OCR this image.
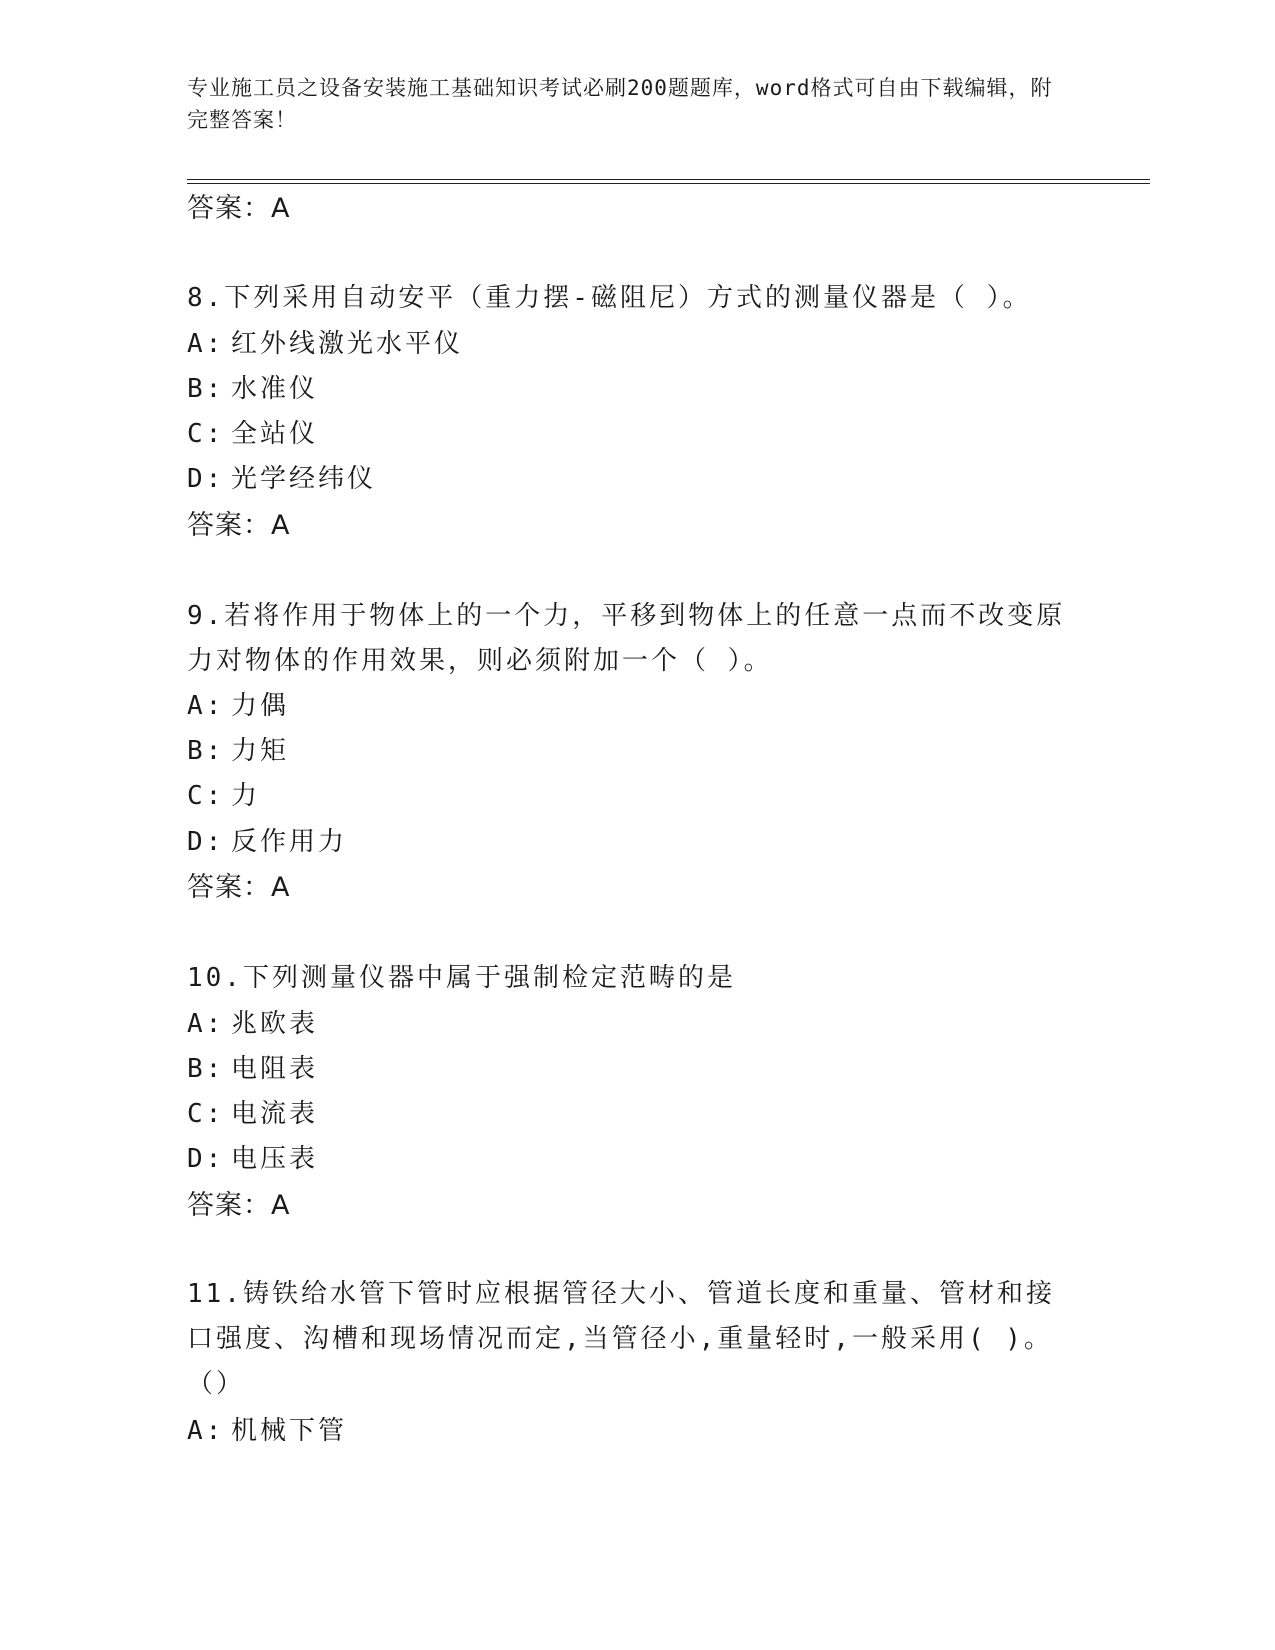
专业施工员之设备安装施工基础知识考试必刷200题题库，word格式可自由下载编辑，附完整答案！
答案：A
8.下列采用自动安平（重力摆-磁阻尼）方式的测量仪器是（ ）。
A: 红外线激光水平仪
B: 水准仪
C: 全站仪
D: 光学经纬仪
答案：A
9.若将作用于物体上的一个力，平移到物体上的任意一点而不改变原力对物体的作用效果，则必须附加一个（ ）。
A: 力偶
B: 力矩
C: 力
D: 反作用力
答案：A
10.下列测量仪器中属于强制检定范畴的是
A: 兆欧表
B: 电阻表
C: 电流表
D: 电压表
答案：A
11.铸铁给水管下管时应根据管径大小、管道长度和重量、管材和接口强度、沟槽和现场情况而定,当管径小,重量轻时,一般采用( )。（）
A: 机械下管
